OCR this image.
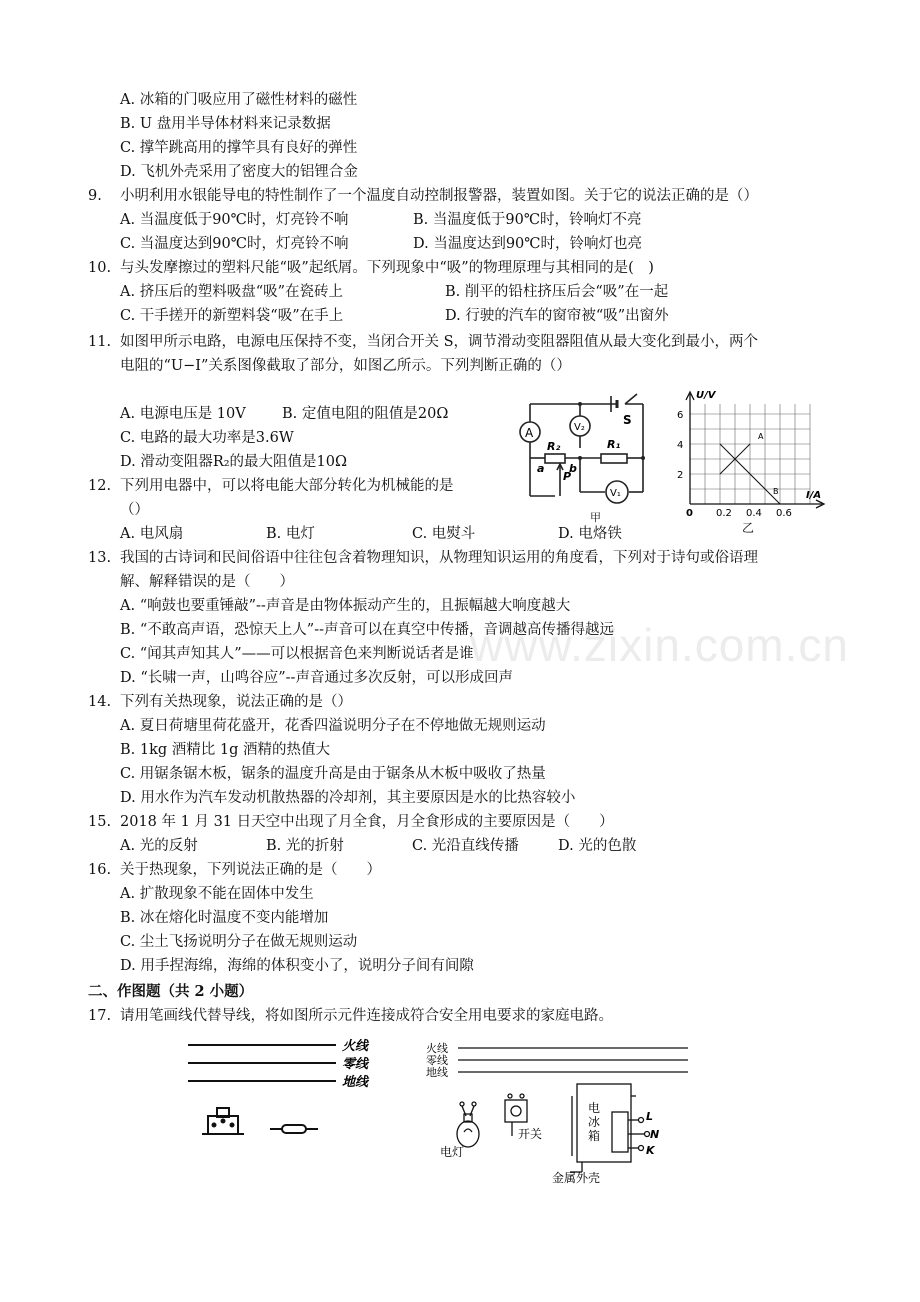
www.zixin.com.cn
A. 冰箱的门吸应用了磁性材料的磁性
B. U 盘用半导体材料来记录数据
C. 撑竿跳高用的撑竿具有良好的弹性
D. 飞机外壳采用了密度大的铝锂合金
9. 小明利用水银能导电的特性制作了一个温度自动控制报警器，装置如图。关于它的说法正确的是（）
A. 当温度低于90℃时，灯亮铃不响	B. 当温度低于90℃时，铃响灯不亮
C. 当温度达到90℃时，灯亮铃不响	D. 当温度达到90℃时，铃响灯也亮
10. 与头发摩擦过的塑料尺能“吸”起纸屑。下列现象中“吸”的物理原理与其相同的是(　)
A. 挤压后的塑料吸盘“吸”在瓷砖上	B. 削平的铅柱挤压后会“吸”在一起
C. 干手搓开的新塑料袋“吸”在手上	D. 行驶的汽车的窗帘被“吸”出窗外
11. 如图甲所示电路，电源电压保持不变，当闭合开关 S，调节滑动变阻器阻值从最大变化到最小，两个
电阻的“U−I”关系图像截取了部分，如图乙所示。下列判断正确的（）
A. 电源电压是 10V	B. 定值电阻的阻值是20Ω
C. 电路的最大功率是3.6W
D. 滑动变阻器R₂的最大阻值是10Ω
A	V₂
V₁
S
R₂	R₁
a
P
b
甲
U/V
I/A
6
4
2
0 0.2 0.4 0.6
A
B
乙
12. 下列用电器中，可以将电能大部分转化为机械能的是
（）
A. 电风扇	B. 电灯	C. 电熨斗	D. 电烙铁
13. 我国的古诗词和民间俗语中往往包含着物理知识，从物理知识运用的角度看，下列对于诗句或俗语理
解、解释错误的是（　　）
A. “响鼓也要重锤敲”--声音是由物体振动产生的，且振幅越大响度越大
B. “不敢高声语，恐惊天上人”--声音可以在真空中传播，音调越高传播得越远
C. “闻其声知其人”——可以根据音色来判断说话者是谁
D. “长啸一声，山鸣谷应”--声音通过多次反射，可以形成回声
14. 下列有关热现象，说法正确的是（）
A. 夏日荷塘里荷花盛开，花香四溢说明分子在不停地做无规则运动
B. 1kg 酒精比 1g 酒精的热值大
C. 用锯条锯木板，锯条的温度升高是由于锯条从木板中吸收了热量
D. 用水作为汽车发动机散热器的冷却剂，其主要原因是水的比热容较小
15. 2018 年 1 月 31 日天空中出现了月全食，月全食形成的主要原因是（　　）
A. 光的反射	B. 光的折射	C. 光沿直线传播	D. 光的色散
16. 关于热现象，下列说法正确的是（　　）
A. 扩散现象不能在固体中发生
B. 冰在熔化时温度不变内能增加
C. 尘土飞扬说明分子在做无规则运动
D. 用手捏海绵，海绵的体积变小了，说明分子间有间隙
二、作图题（共 2 小题）
17. 请用笔画线代替导线，将如图所示元件连接成符合安全用电要求的家庭电路。
火线
零线
地线
火线
零线
地线
电灯
开关
电冰箱
L
N
K
金属外壳
